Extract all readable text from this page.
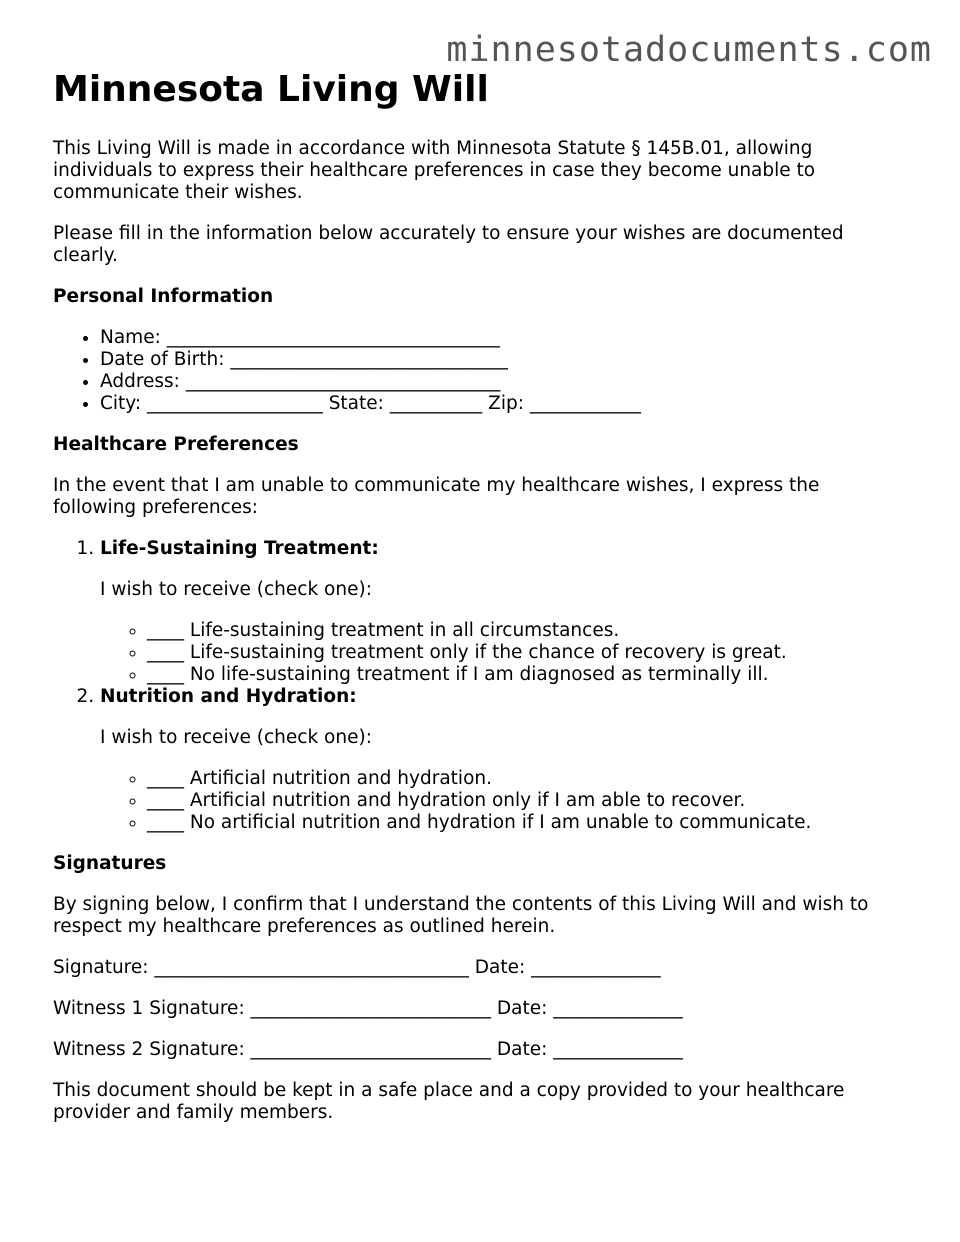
minnesotadocuments.com
Minnesota Living Will

This Living Will is made in accordance with Minnesota Statute § 145B.01, allowing individuals to express their healthcare preferences in case they become unable to communicate their wishes.

Please fill in the information below accurately to ensure your wishes are documented clearly.

Personal Information
• Name: ____________________________________
• Date of Birth: ______________________________
• Address: __________________________________
• City: ___________________ State: __________ Zip: ____________
Healthcare Preferences

In the event that I am unable to communicate my healthcare wishes, I express the following preferences:

1. Life-Sustaining Treatment:

I wish to receive (check one):

◦ ____ Life-sustaining treatment in all circumstances.
◦ ____ Life-sustaining treatment only if the chance of recovery is great.
◦ ____ No life-sustaining treatment if I am diagnosed as terminally ill.
2. Nutrition and Hydration:

I wish to receive (check one):

◦ ____ Artificial nutrition and hydration.
◦ ____ Artificial nutrition and hydration only if I am able to recover.
◦ ____ No artificial nutrition and hydration if I am unable to communicate.
Signatures

By signing below, I confirm that I understand the contents of this Living Will and wish to respect my healthcare preferences as outlined herein.

Signature: __________________________________ Date: ______________

Witness 1 Signature: __________________________ Date: ______________

Witness 2 Signature: __________________________ Date: ______________

This document should be kept in a safe place and a copy provided to your healthcare provider and family members.
